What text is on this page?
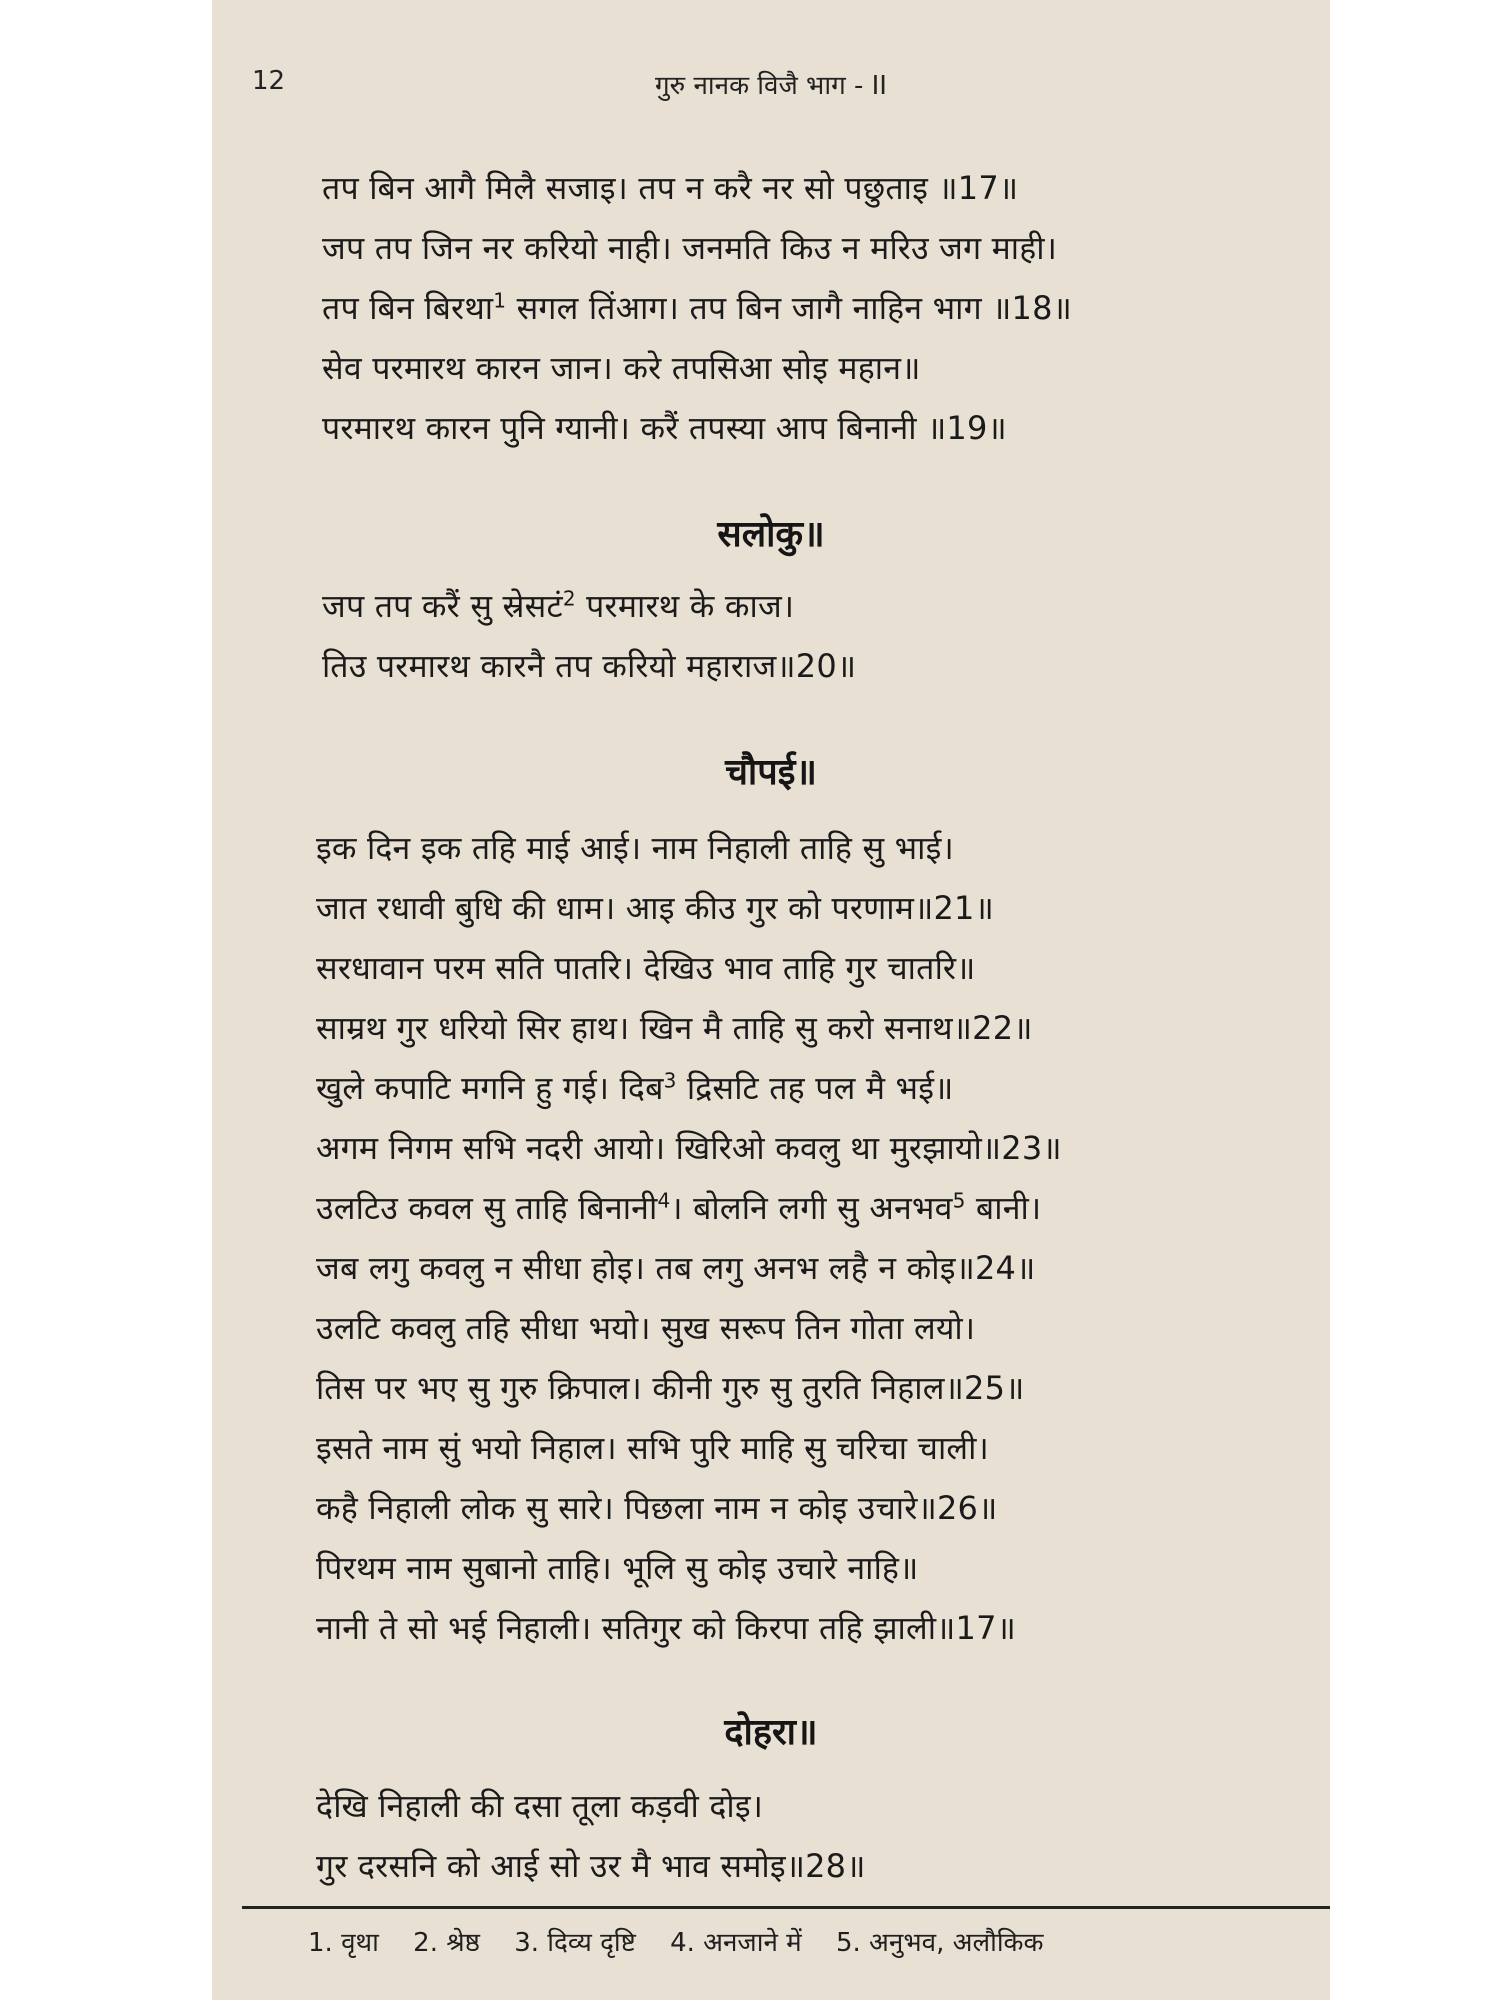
12	गुरु नानक विजै भाग - II
तप बिन आगै मिलै सजाइ। तप न करै नर सो पछुताइ ॥17॥
जप तप जिन नर करियो नाही। जनमति किउ न मरिउ जग माही।
तप बिन बिरथा$^1$ सगल तिंआग। तप बिन जागै नाहिन भाग ॥18॥
सेव परमारथ कारन जान। करे तपसिआ सोइ महान॥
परमारथ कारन पुनि ग्यानी। करैं तपस्या आप बिनानी ॥19॥
सलोकु॥
जप तप करैं सु स्रेसटं$^2$ परमारथ के काज।
तिउ परमारथ कारनै तप करियो महाराज॥20॥
चौपई॥
इक दिन इक तहि माई आई। नाम निहाली ताहि सु भाई।
जात रधावी बुधि की धाम। आइ कीउ गुर को परणाम॥21॥
सरधावान परम सति पातरि। देखिउ भाव ताहि गुर चातरि॥
साम्रथ गुर धरियो सिर हाथ। खिन मै ताहि सु करो सनाथ॥22॥
खुले कपाटि मगनि हु गई। दिब$^3$ द्रिसटि तह पल मै भई॥
अगम निगम सभि नदरी आयो। खिरिओ कवलु था मुरझायो॥23॥
उलटिउ कवल सु ताहि बिनानी$^4$। बोलनि लगी सु अनभव$^5$ बानी।
जब लगु कवलु न सीधा होइ। तब लगु अनभ लहै न कोइ॥24॥
उलटि कवलु तहि सीधा भयो। सुख सरूप तिन गोता लयो।
तिस पर भए सु गुरु क्रिपाल। कीनी गुरु सु तुरति निहाल॥25॥
इसते नाम सुं भयो निहाल। सभि पुरि माहि सु चरिचा चाली।
कहै निहाली लोक सु सारे। पिछला नाम न कोइ उचारे॥26॥
पिरथम नाम सुबानो ताहि। भूलि सु कोइ उचारे नाहि॥
नानी ते सो भई निहाली। सतिगुर को किरपा तहि झाली॥17॥
दोहरा॥
देखि निहाली की दसा तूला कड़वी दोइ।
गुर दरसनि को आई सो उर मै भाव समोइ॥28॥
1. वृथा 2. श्रेष्ठ 3. दिव्य दृष्टि 4. अनजाने में 5. अनुभव, अलौकिक
